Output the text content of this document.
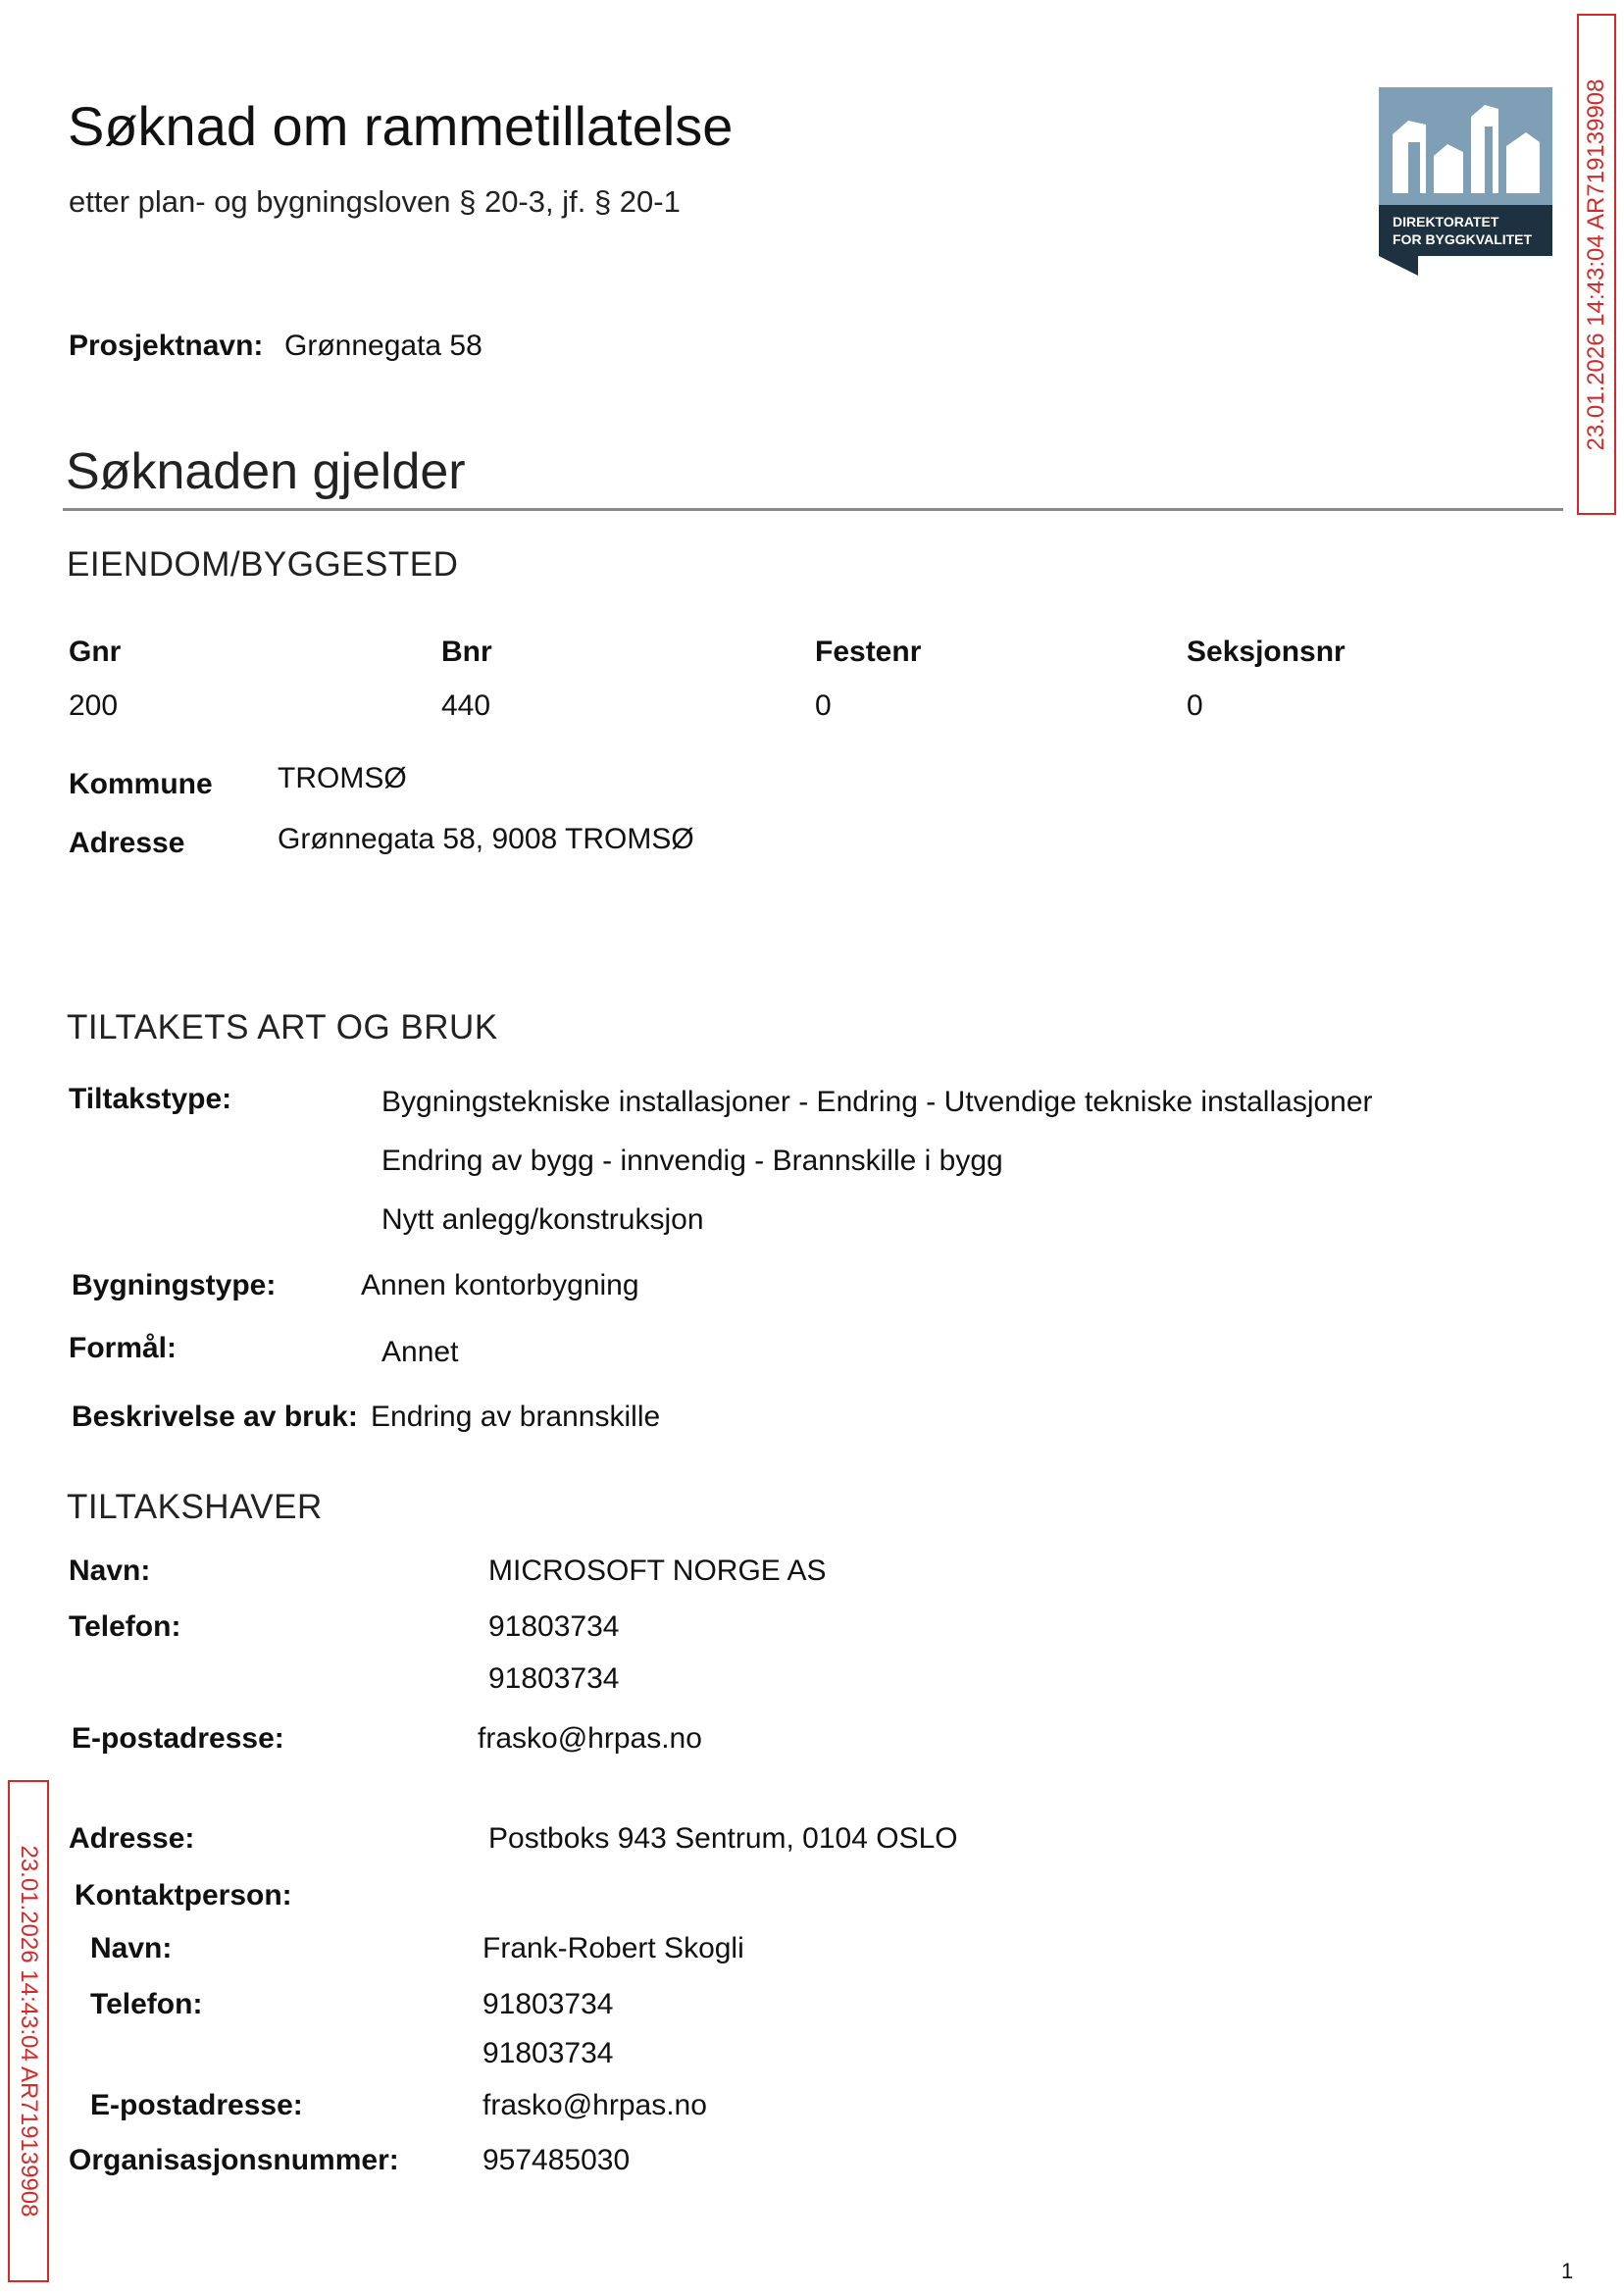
Søknad om rammetillatelse
etter plan- og bygningsloven § 20-3, jf. § 20-1
DIREKTORATET
FOR BYGGKVALITET 23.01.2026 14:43:04 AR719139908
23.01.2026 14:43:04 AR719139908
Prosjektnavn: Grønnegata 58
Søknaden gjelder
EIENDOM/BYGGESTED
Gnr	Bnr	Festenr	Seksjonsnr
200	440	0	0
Kommune TROMSØ
Adresse	Grønnegata 58, 9008 TROMSØ
TILTAKETS ART OG BRUK
Tiltakstype:	Bygningstekniske installasjoner - Endring - Utvendige tekniske installasjoner
Endring av bygg - innvendig - Brannskille i bygg
Nytt anlegg/konstruksjon
Bygningstype:	Annen kontorbygning
Formål:	Annet
Beskrivelse av bruk: Endring av brannskille
TILTAKSHAVER
Navn:	MICROSOFT NORGE AS
Telefon:	91803734
91803734
E-postadresse:	frasko@hrpas.no
Adresse:	Postboks 943 Sentrum, 0104 OSLO
Kontaktperson:
Navn:	Frank-Robert Skogli
Telefon:	91803734
91803734
E-postadresse:	frasko@hrpas.no
Organisasjonsnummer:	957485030
1
